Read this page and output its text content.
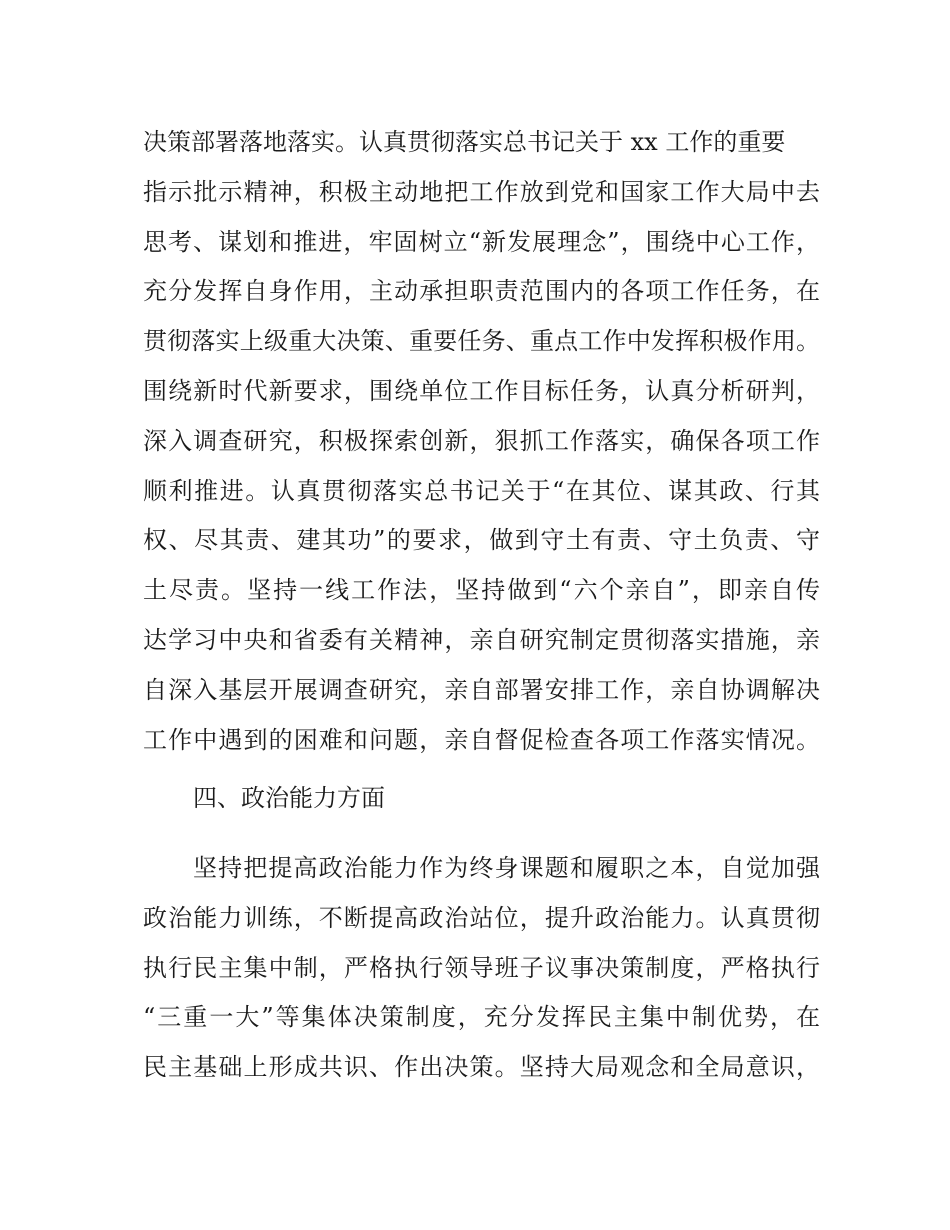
决策部署落地落实。认真贯彻落实总书记关于 xx 工作的重要
指示批示精神，积极主动地把工作放到党和国家工作大局中去
思考、谋划和推进，牢固树立“新发展理念”，围绕中心工作，
充分发挥自身作用，主动承担职责范围内的各项工作任务，在
贯彻落实上级重大决策、重要任务、重点工作中发挥积极作用。
围绕新时代新要求，围绕单位工作目标任务，认真分析研判，
深入调查研究，积极探索创新，狠抓工作落实，确保各项工作
顺利推进。认真贯彻落实总书记关于“在其位、谋其政、行其
权、尽其责、建其功”的要求，做到守土有责、守土负责、守
土尽责。坚持一线工作法，坚持做到“六个亲自”，即亲自传
达学习中央和省委有关精神，亲自研究制定贯彻落实措施，亲
自深入基层开展调查研究，亲自部署安排工作，亲自协调解决
工作中遇到的困难和问题，亲自督促检查各项工作落实情况。
四、政治能力方面
坚持把提高政治能力作为终身课题和履职之本，自觉加强
政治能力训练，不断提高政治站位，提升政治能力。认真贯彻
执行民主集中制，严格执行领导班子议事决策制度，严格执行
“三重一大”等集体决策制度，充分发挥民主集中制优势，在
民主基础上形成共识、作出决策。坚持大局观念和全局意识，
